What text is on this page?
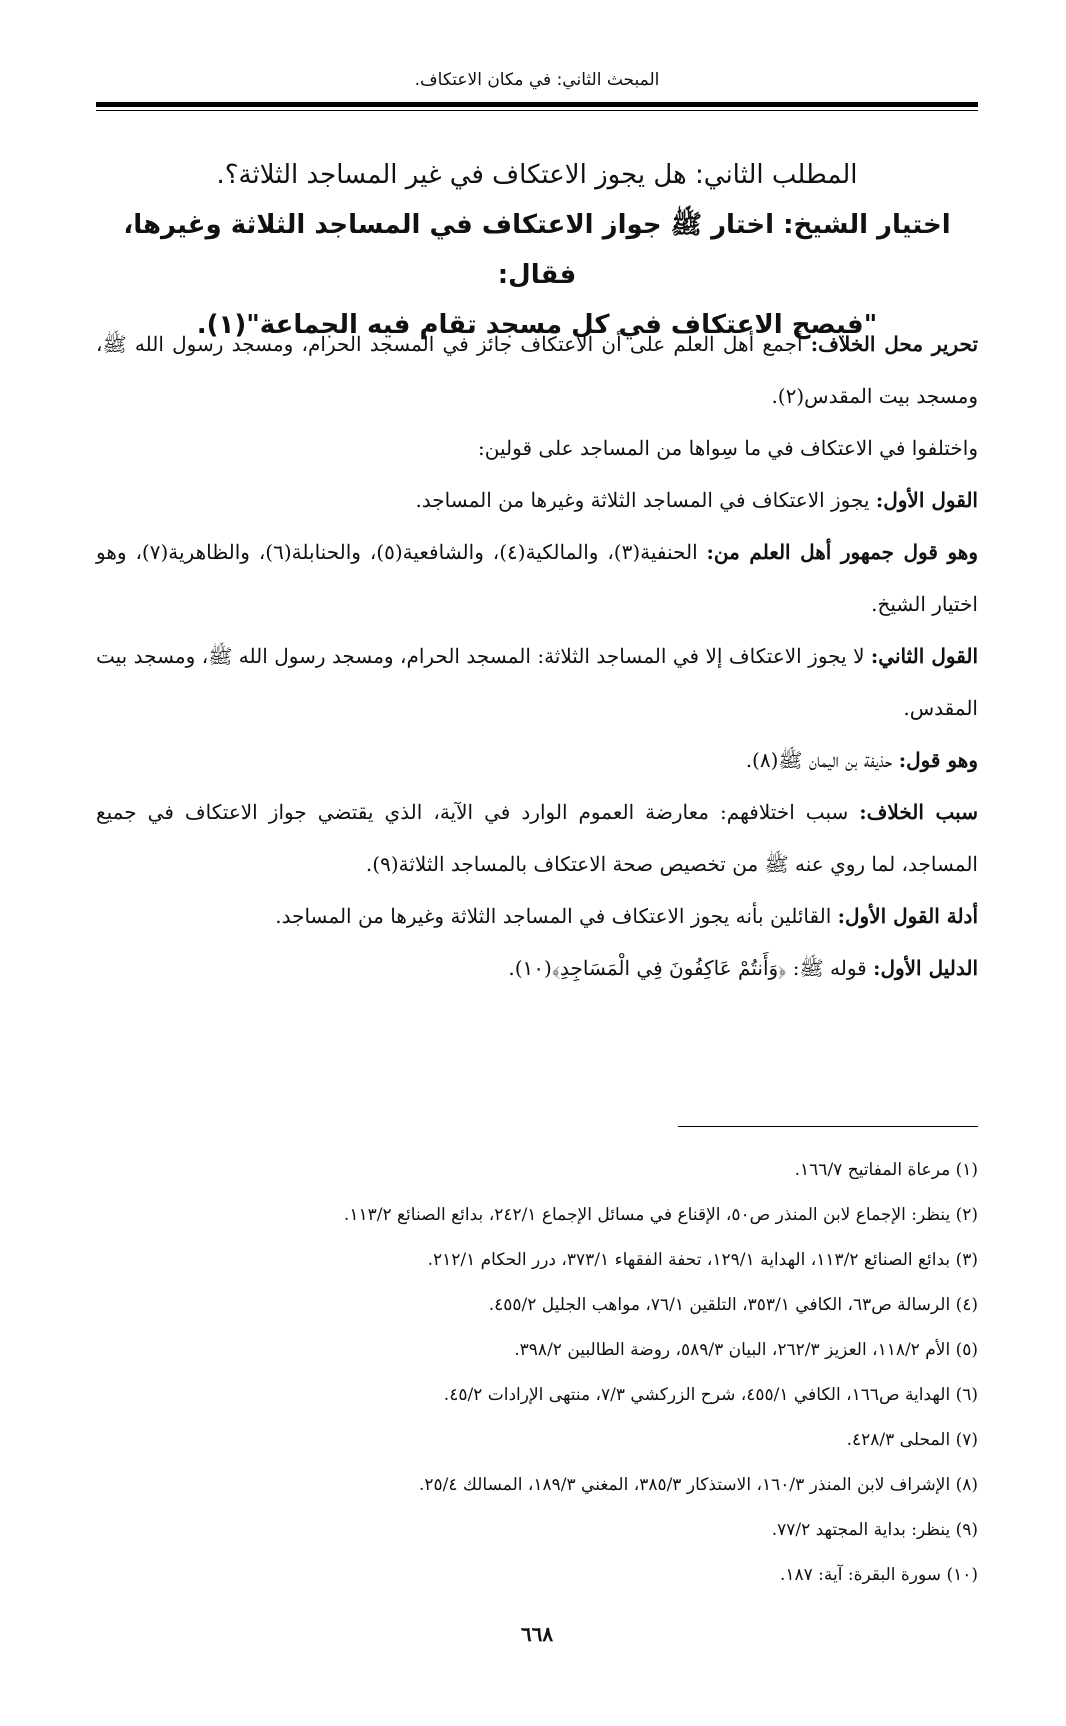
المبحث الثاني: في مكان الاعتكاف.
المطلب الثاني: هل يجوز الاعتكاف في غير المساجد الثلاثة؟.
اختيار الشيخ: اختار ﷺ جواز الاعتكاف في المساجد الثلاثة وغيرها، فقال:
"فيصح الاعتكاف في كل مسجد تقام فيه الجماعة"(١).

تحرير محل الخلاف: أجمع أهل العلم على أن الاعتكاف جائز في المسجد الحرام، ومسجد رسول الله ﷺ، ومسجد بيت المقدس(٢).

واختلفوا في الاعتكاف في ما سِواها من المساجد على قولين:

القول الأول: يجوز الاعتكاف في المساجد الثلاثة وغيرها من المساجد.

وهو قول جمهور أهل العلم من: الحنفية(٣)، والمالكية(٤)، والشافعية(٥)، والحنابلة(٦)، والظاهرية(٧)، وهو اختيار الشيخ.

القول الثاني: لا يجوز الاعتكاف إلا في المساجد الثلاثة: المسجد الحرام، ومسجد رسول الله ﷺ، ومسجد بيت المقدس.

وهو قول: حذيفة بن اليمان ﷺ(٨).

سبب الخلاف: سبب اختلافهم: معارضة العموم الوارد في الآية، الذي يقتضي جواز الاعتكاف في جميع المساجد، لما روي عنه ﷺ من تخصيص صحة الاعتكاف بالمساجد الثلاثة(٩).

أدلة القول الأول: القائلين بأنه يجوز الاعتكاف في المساجد الثلاثة وغيرها من المساجد.

الدليل الأول: قوله ﷺ: ﴿وَأَنتُمْ عَاكِفُونَ فِي الْمَسَاجِدِ﴾(١٠).

(١) مرعاة المفاتيح ١٦٦/٧.

(٢) ينظر: الإجماع لابن المنذر ص٥٠، الإقناع في مسائل الإجماع ٢٤٢/١، بدائع الصنائع ١١٣/٢.

(٣) بدائع الصنائع ١١٣/٢، الهداية ١٢٩/١، تحفة الفقهاء ٣٧٣/١، درر الحكام ٢١٢/١.

(٤) الرسالة ص٦٣، الكافي ٣٥٣/١، التلقين ٧٦/١، مواهب الجليل ٤٥٥/٢.

(٥) الأم ١١٨/٢، العزيز ٢٦٢/٣، البيان ٥٨٩/٣، روضة الطالبين ٣٩٨/٢.

(٦) الهداية ص١٦٦، الكافي ٤٥٥/١، شرح الزركشي ٧/٣، منتهى الإرادات ٤٥/٢.

(٧) المحلى ٤٢٨/٣.

(٨) الإشراف لابن المنذر ١٦٠/٣، الاستذكار ٣٨٥/٣، المغني ١٨٩/٣، المسالك ٢٥/٤.

(٩) ينظر: بداية المجتهد ٧٧/٢.

(١٠) سورة البقرة: آية: ١٨٧.

٦٦٨
